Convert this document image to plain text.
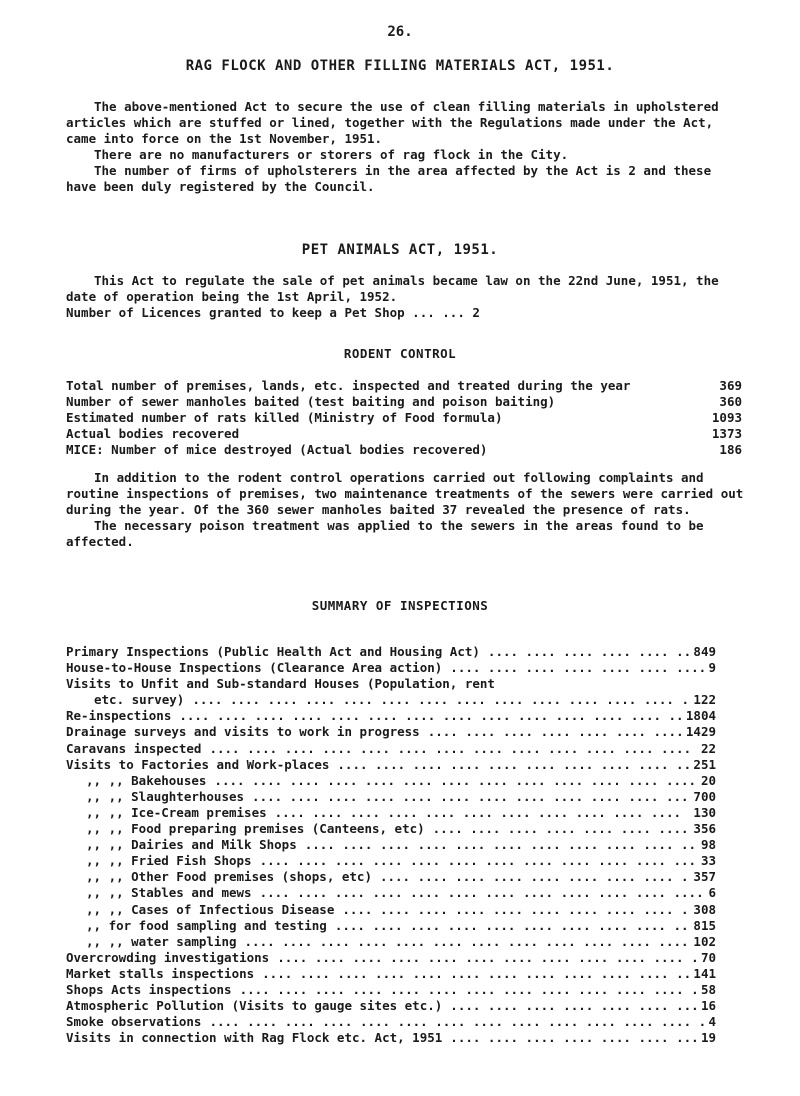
26.
RAG FLOCK AND OTHER FILLING MATERIALS ACT, 1951.

The above-mentioned Act to secure the use of clean filling materials in upholstered articles which are stuffed or lined, together with the Regulations made under the Act, came into force on the 1st November, 1951.

There are no manufacturers or storers of rag flock in the City.

The number of firms of upholsterers in the area affected by the Act is 2 and these have been duly registered by the Council.

PET ANIMALS ACT, 1951.

This Act to regulate the sale of pet animals became law on the 22nd June, 1951, the date of operation being the 1st April, 1952.

Number of Licences granted to keep a Pet Shop ... ... 2

RODENT CONTROL
Total number of premises, lands, etc. inspected and treated during the year	369
Number of sewer manholes baited (test baiting and poison baiting)	360
Estimated number of rats killed (Ministry of Food formula)	1093
Actual bodies recovered	1373
MICE: Number of mice destroyed (Actual bodies recovered)	186

In addition to the rodent control operations carried out following complaints and routine inspections of premises, two maintenance treatments of the sewers were carried out during the year. Of the 360 sewer manholes baited 37 revealed the presence of rats.

The necessary poison treatment was applied to the sewers in the areas found to be affected.

SUMMARY OF INSPECTIONS
Primary Inspections (Public Health Act and Housing Act) ....	849
House-to-House Inspections (Clearance Area action) ....	9
Visits to Unfit and Sub-standard Houses (Population, rent
etc. survey) ....	122
Re-inspections ....	1804
Drainage surveys and visits to work in progress ....	1429
Caravans inspected ....	22
Visits to Factories and Work-places ....	251
,, ,, Bakehouses ....	20
,, ,, Slaughterhouses ....	700
,, ,, Ice-Cream premises ....	130
,, ,, Food preparing premises (Canteens, etc) ....	356
,, ,, Dairies and Milk Shops ....	98
,, ,, Fried Fish Shops ....	33
,, ,, Other Food premises (shops, etc) ....	357
,, ,, Stables and mews ....	6
,, ,, Cases of Infectious Disease ....	308
,, for food sampling and testing ....	815
,, ,, water sampling ....	102
Overcrowding investigations ....	70
Market stalls inspections ....	141
Shops Acts inspections ....	58
Atmospheric Pollution (Visits to gauge sites etc.) ....	16
Smoke observations ....	4
Visits in connection with Rag Flock etc. Act, 1951 ....	19
